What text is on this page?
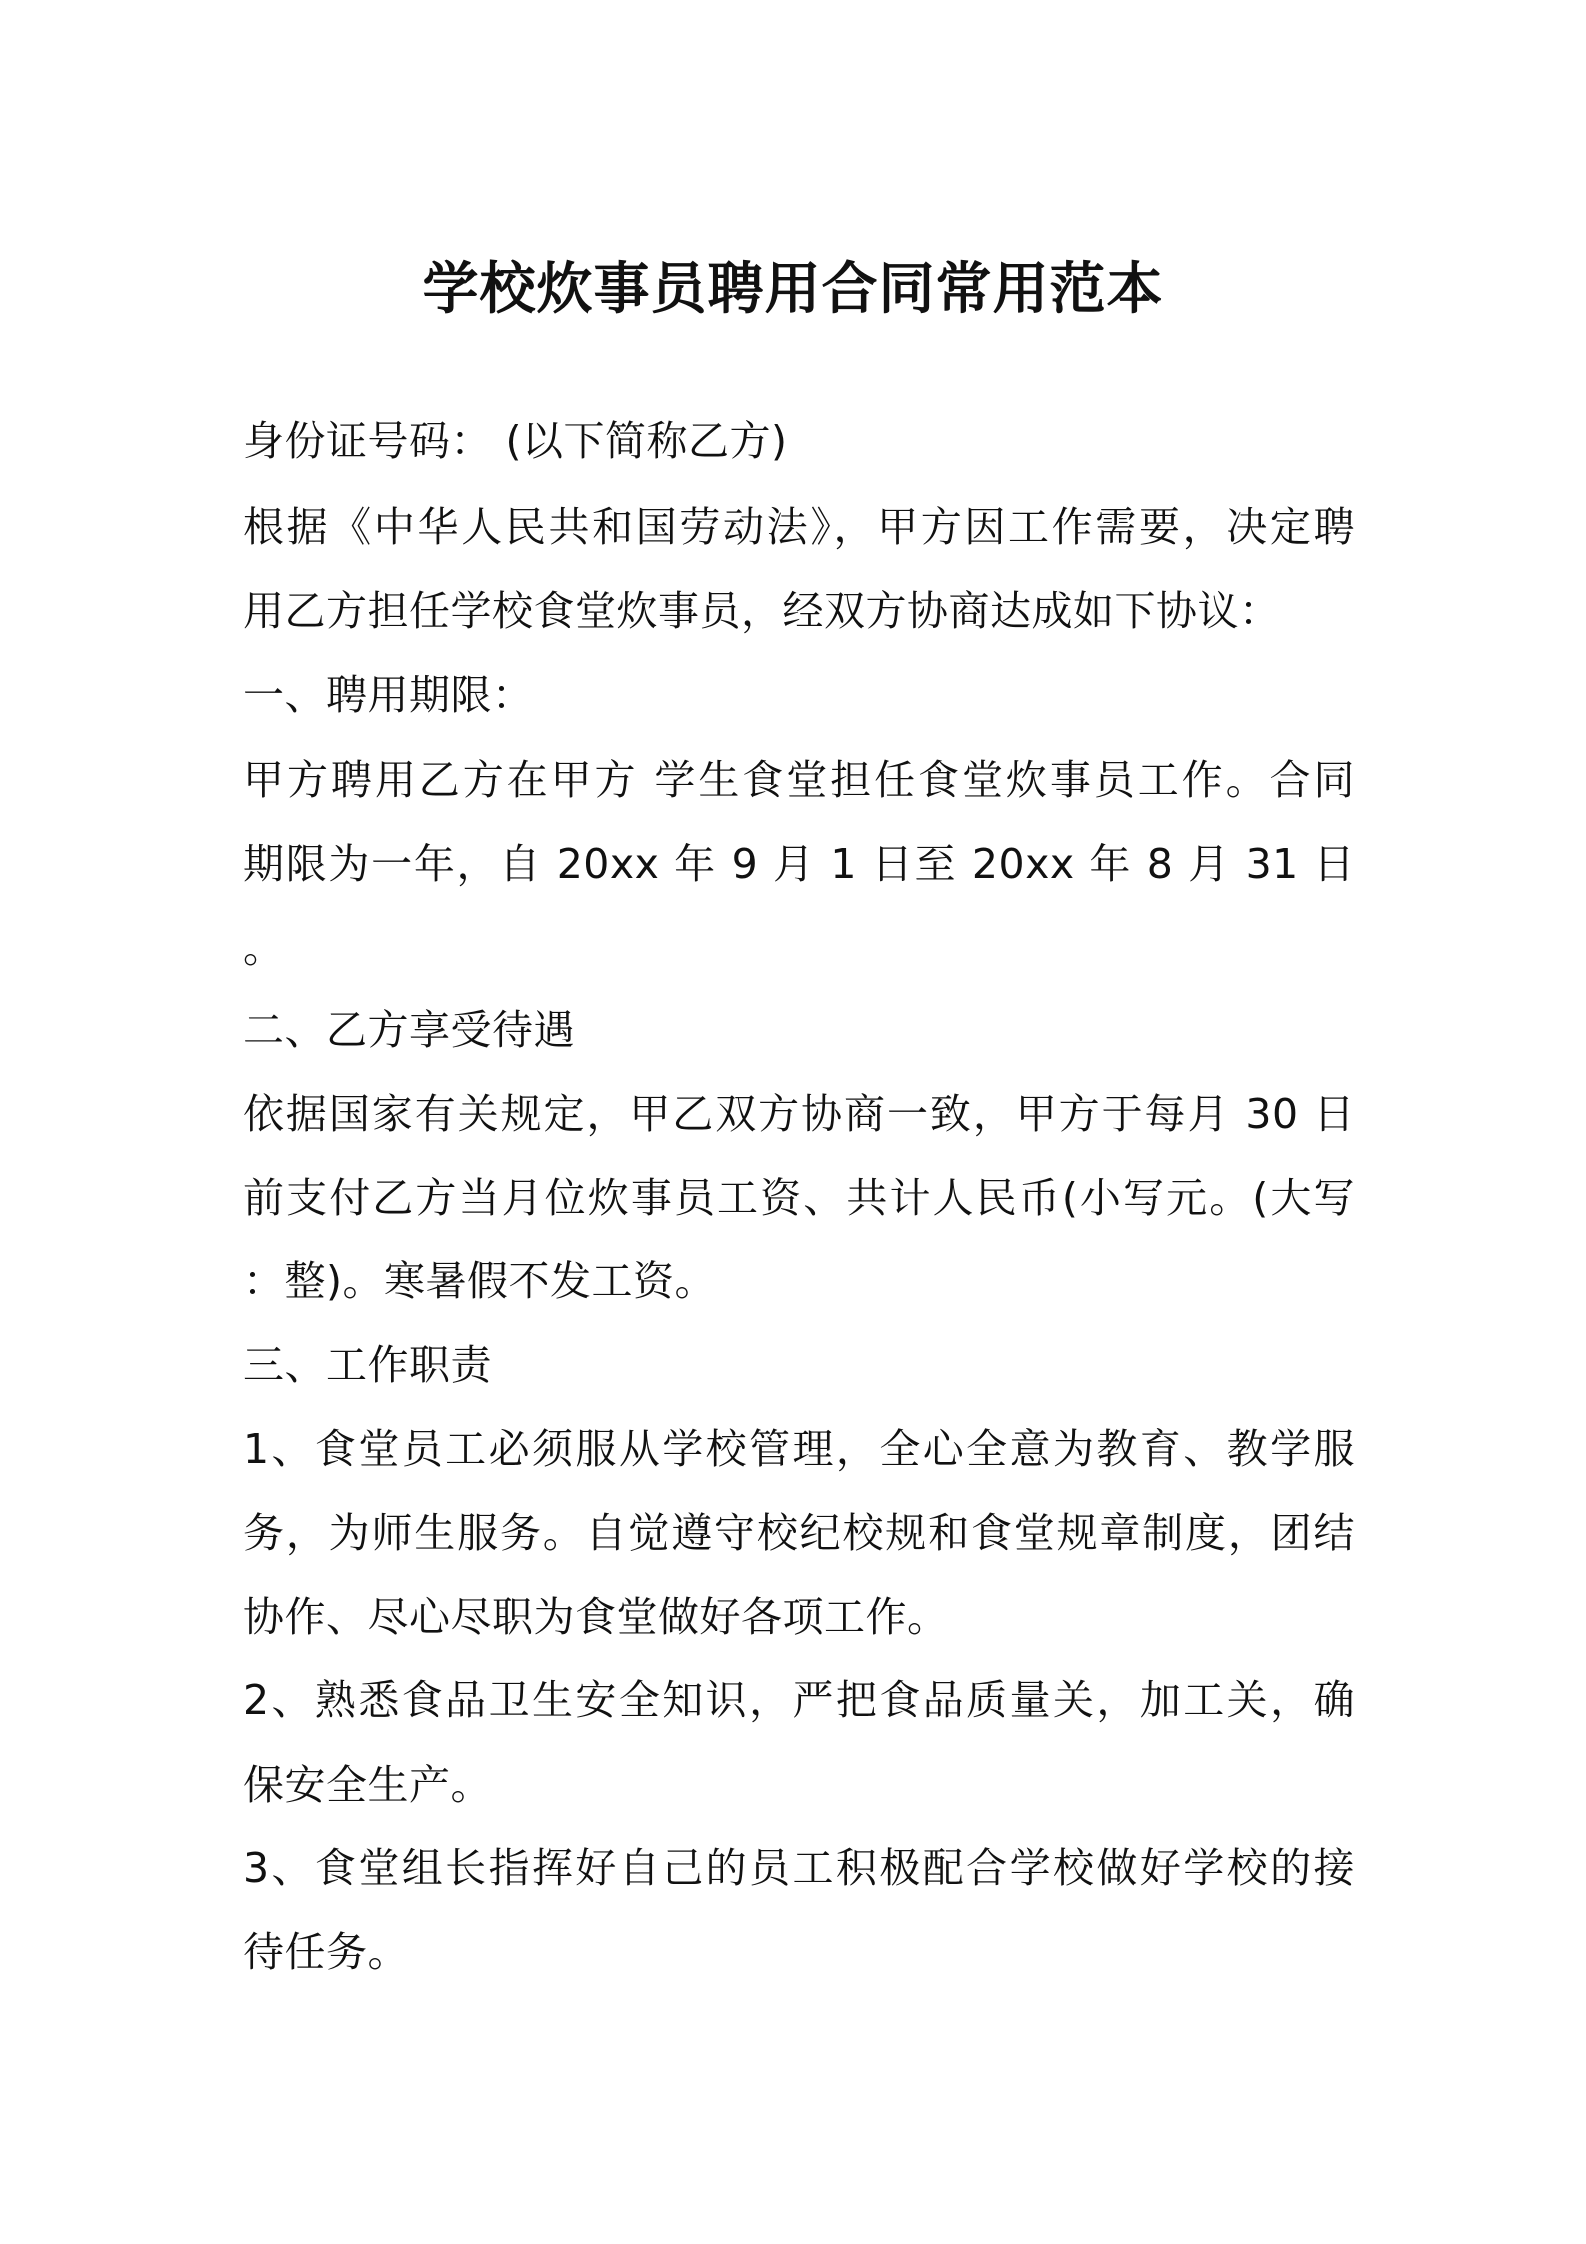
学校炊事员聘用合同常用范本
身份证号码： (以下简称乙方)
根据《中华人民共和国劳动法》，甲方因工作需要，决定聘
用乙方担任学校食堂炊事员，经双方协商达成如下协议：
一、聘用期限：
甲方聘用乙方在甲方 学生食堂担任食堂炊事员工作。合同
期限为一年，自 20xx 年 9 月 1 日至 20xx 年 8 月 31 日
。
二、乙方享受待遇
依据国家有关规定，甲乙双方协商一致，甲方于每月 30 日
前支付乙方当月位炊事员工资、共计人民币(小写元。(大写
：整)。寒暑假不发工资。
三、工作职责
1、食堂员工必须服从学校管理，全心全意为教育、教学服
务，为师生服务。自觉遵守校纪校规和食堂规章制度，团结
协作、尽心尽职为食堂做好各项工作。
2、熟悉食品卫生安全知识，严把食品质量关，加工关，确
保安全生产。
3、食堂组长指挥好自己的员工积极配合学校做好学校的接
待任务。
